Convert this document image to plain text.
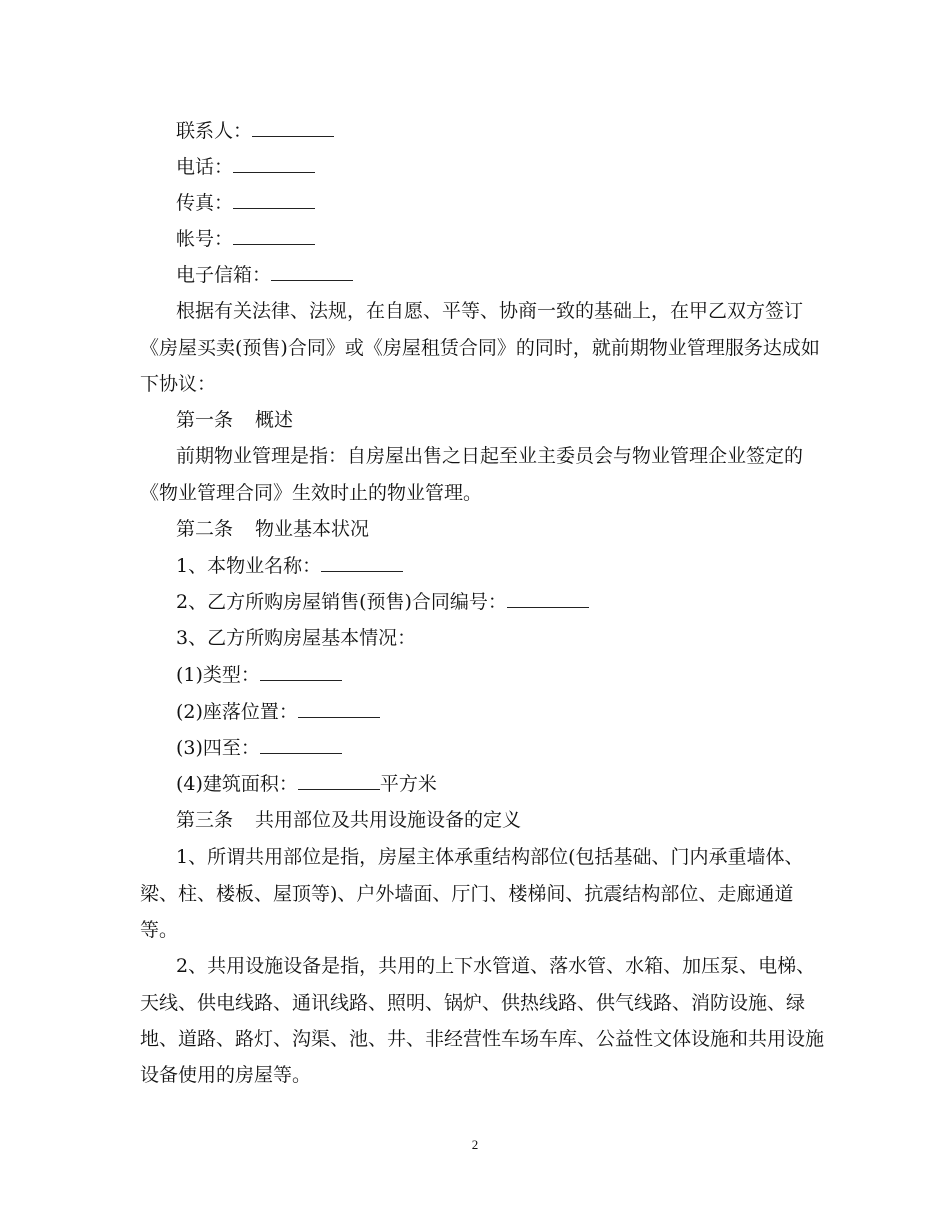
联系人：
电话：
传真：
帐号：
电子信箱：
根据有关法律、法规，在自愿、平等、协商一致的基础上，在甲乙双方签订
《房屋买卖(预售)合同》或《房屋租赁合同》的同时，就前期物业管理服务达成如
下协议：
第一条 概述
前期物业管理是指：自房屋出售之日起至业主委员会与物业管理企业签定的
《物业管理合同》生效时止的物业管理。
第二条 物业基本状况
1、本物业名称：
2、乙方所购房屋销售(预售)合同编号：
3、乙方所购房屋基本情况：
(1)类型：
(2)座落位置：
(3)四至：
(4)建筑面积：	平方米
第三条 共用部位及共用设施设备的定义
1、所谓共用部位是指，房屋主体承重结构部位(包括基础、门内承重墙体、
梁、柱、楼板、屋顶等)、户外墙面、厅门、楼梯间、抗震结构部位、走廊通道
等。
2、共用设施设备是指，共用的上下水管道、落水管、水箱、加压泵、电梯、
天线、供电线路、通讯线路、照明、锅炉、供热线路、供气线路、消防设施、绿
地、道路、路灯、沟渠、池、井、非经营性车场车库、公益性文体设施和共用设施
设备使用的房屋等。
2
